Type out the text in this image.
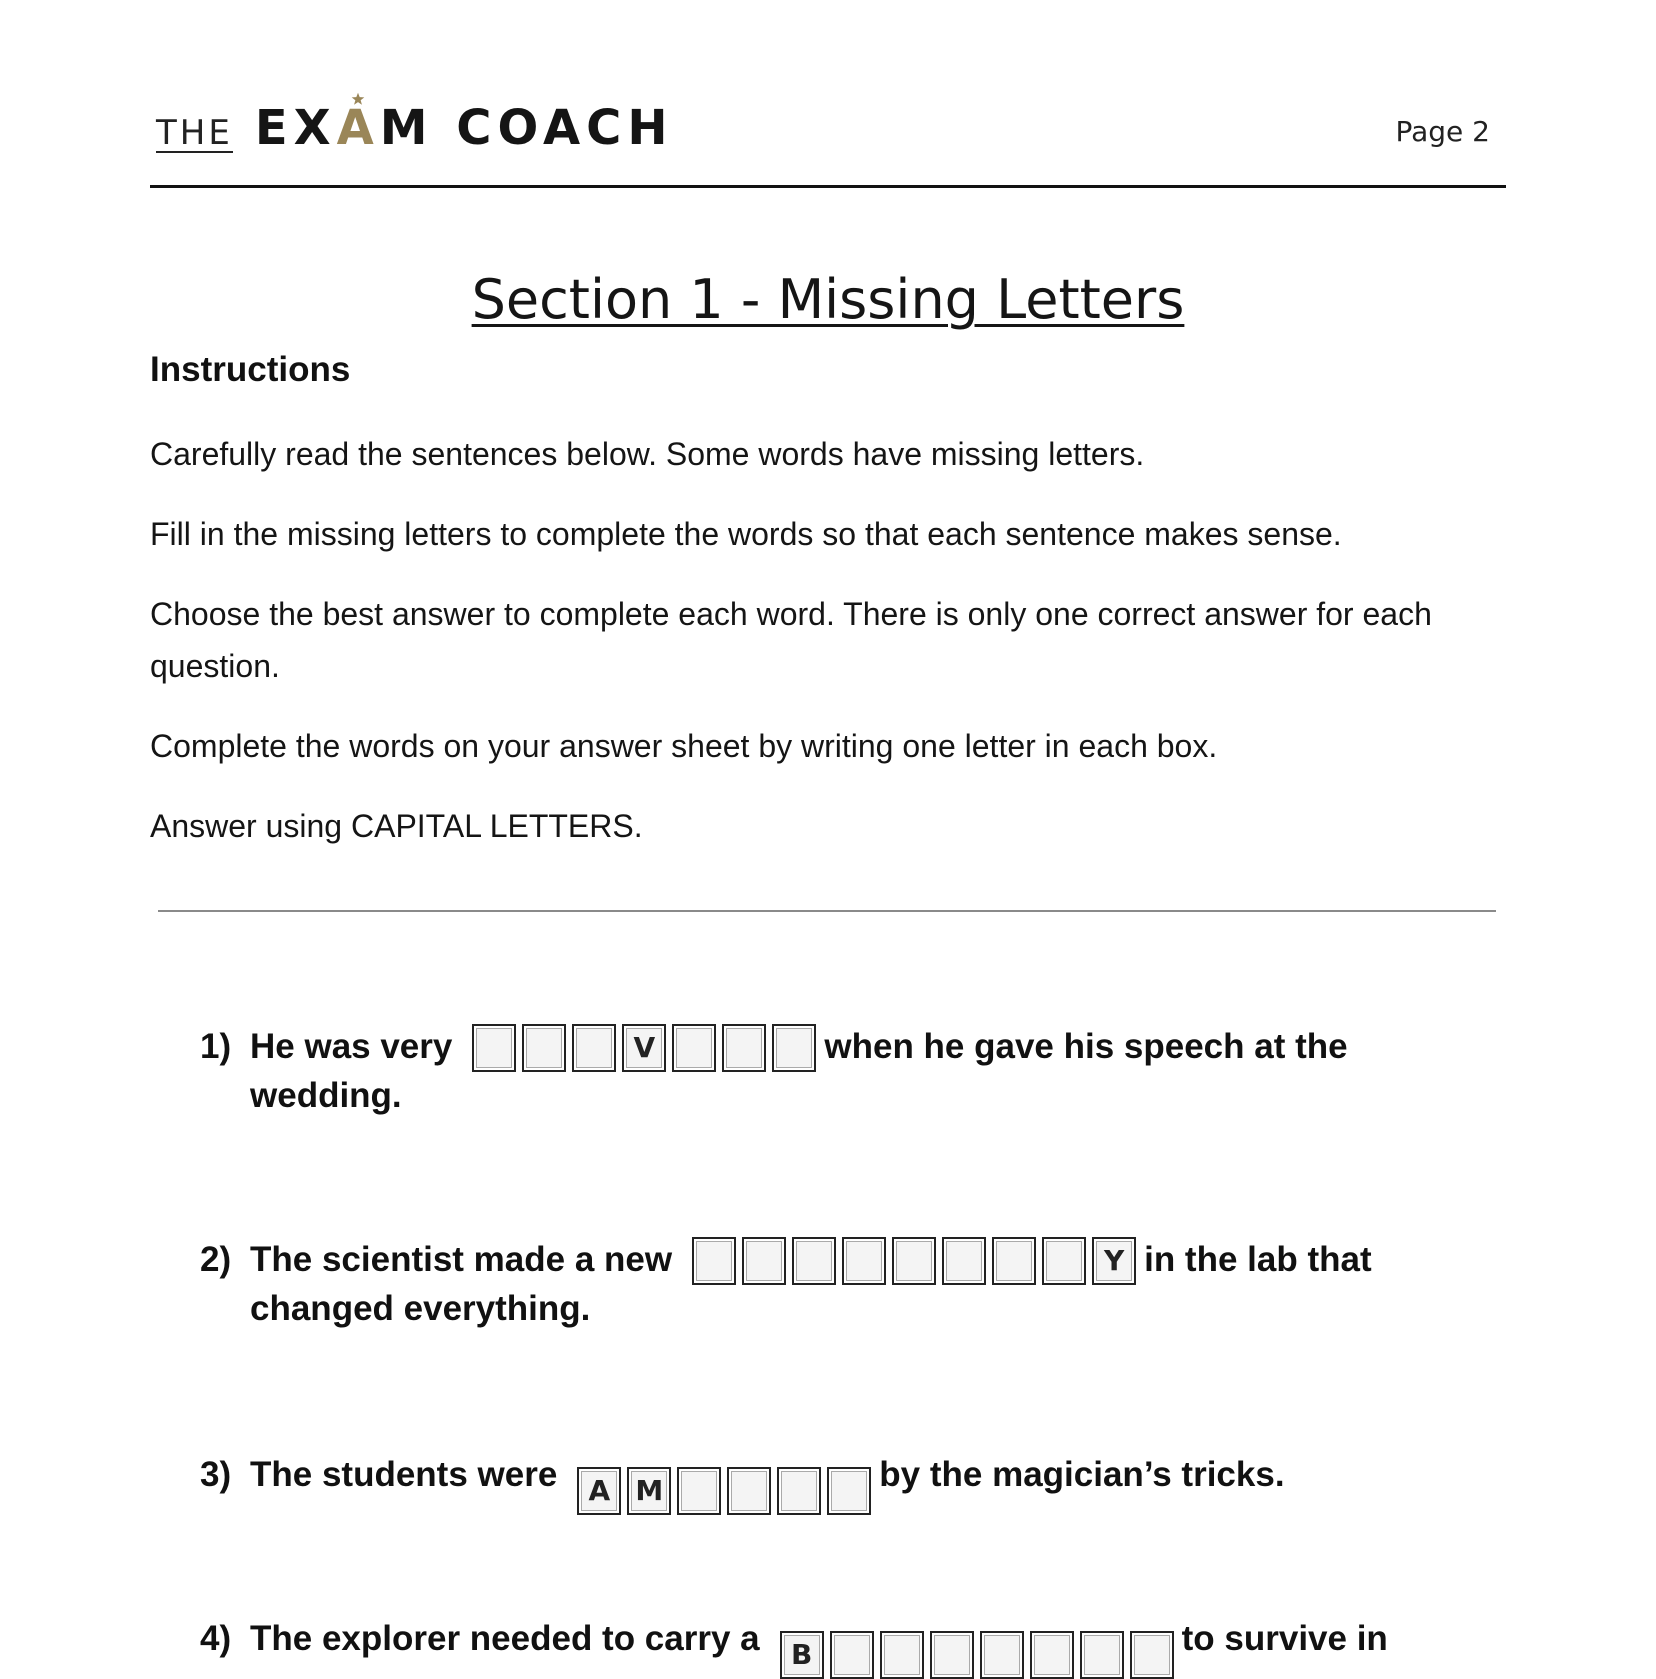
THE EX
AM COACH	Page 2
Section 1 - Missing Letters
Instructions
Carefully read the sentences below. Some words have missing letters.
Fill in the missing letters to complete the words so that each sentence makes sense.
Choose the best answer to complete each word. There is only one correct answer for each question.
Complete the words on your answer sheet by writing one letter in each box.
Answer using CAPITAL LETTERS.
1) He was very	V	when he gave his speech at the wedding.
2) The scientist made a new	Y in the lab that changed everything.
3) The students were	A M	by the magician’s tricks.
4) The explorer needed to carry a	B	to survive in
